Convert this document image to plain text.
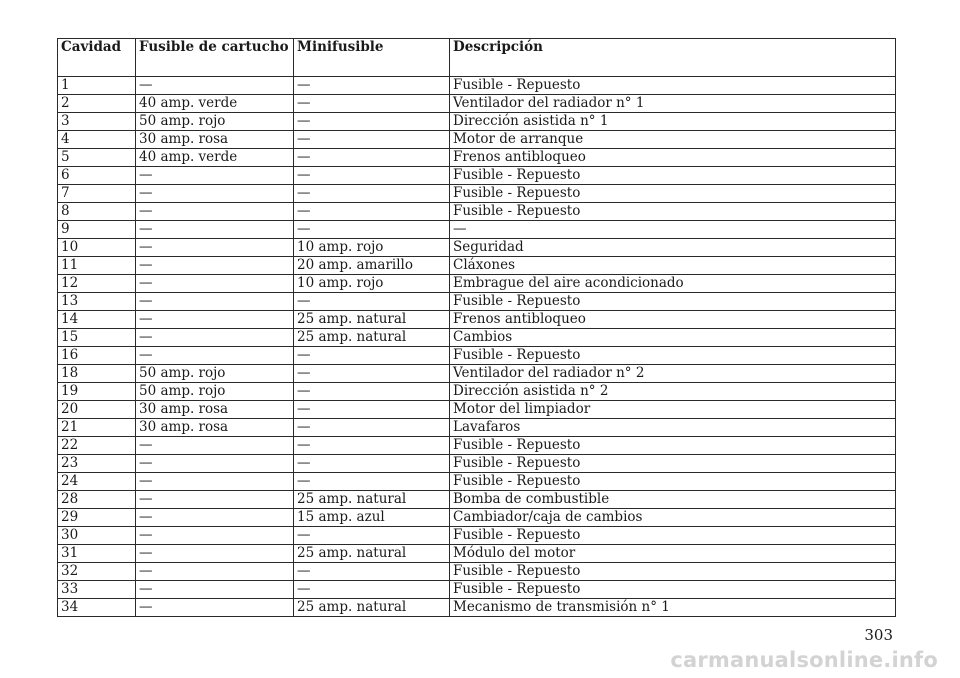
Cavidad	Fusible de cartucho	Minifusible	Descripción
1	—	—	Fusible - Repuesto
2	40 amp. verde	—	Ventilador del radiador n° 1
3	50 amp. rojo	—	Dirección asistida n° 1
4	30 amp. rosa	—	Motor de arranque
5	40 amp. verde	—	Frenos antibloqueo
6	—	—	Fusible - Repuesto
7	—	—	Fusible - Repuesto
8	—	—	Fusible - Repuesto
9	—	—	—
10	—	10 amp. rojo	Seguridad
11	—	20 amp. amarillo	Cláxones
12	—	10 amp. rojo	Embrague del aire acondicionado
13	—	—	Fusible - Repuesto
14	—	25 amp. natural	Frenos antibloqueo
15	—	25 amp. natural	Cambios
16	—	—	Fusible - Repuesto
18	50 amp. rojo	—	Ventilador del radiador n° 2
19	50 amp. rojo	—	Dirección asistida n° 2
20	30 amp. rosa	—	Motor del limpiador
21	30 amp. rosa	—	Lavafaros
22	—	—	Fusible - Repuesto
23	—	—	Fusible - Repuesto
24	—	—	Fusible - Repuesto
28	—	25 amp. natural	Bomba de combustible
29	—	15 amp. azul	Cambiador/caja de cambios
30	—	—	Fusible - Repuesto
31	—	25 amp. natural	Módulo del motor
32	—	—	Fusible - Repuesto
33	—	—	Fusible - Repuesto
34	—	25 amp. natural	Mecanismo de transmisión n° 1
303
carmanualsonline.info
